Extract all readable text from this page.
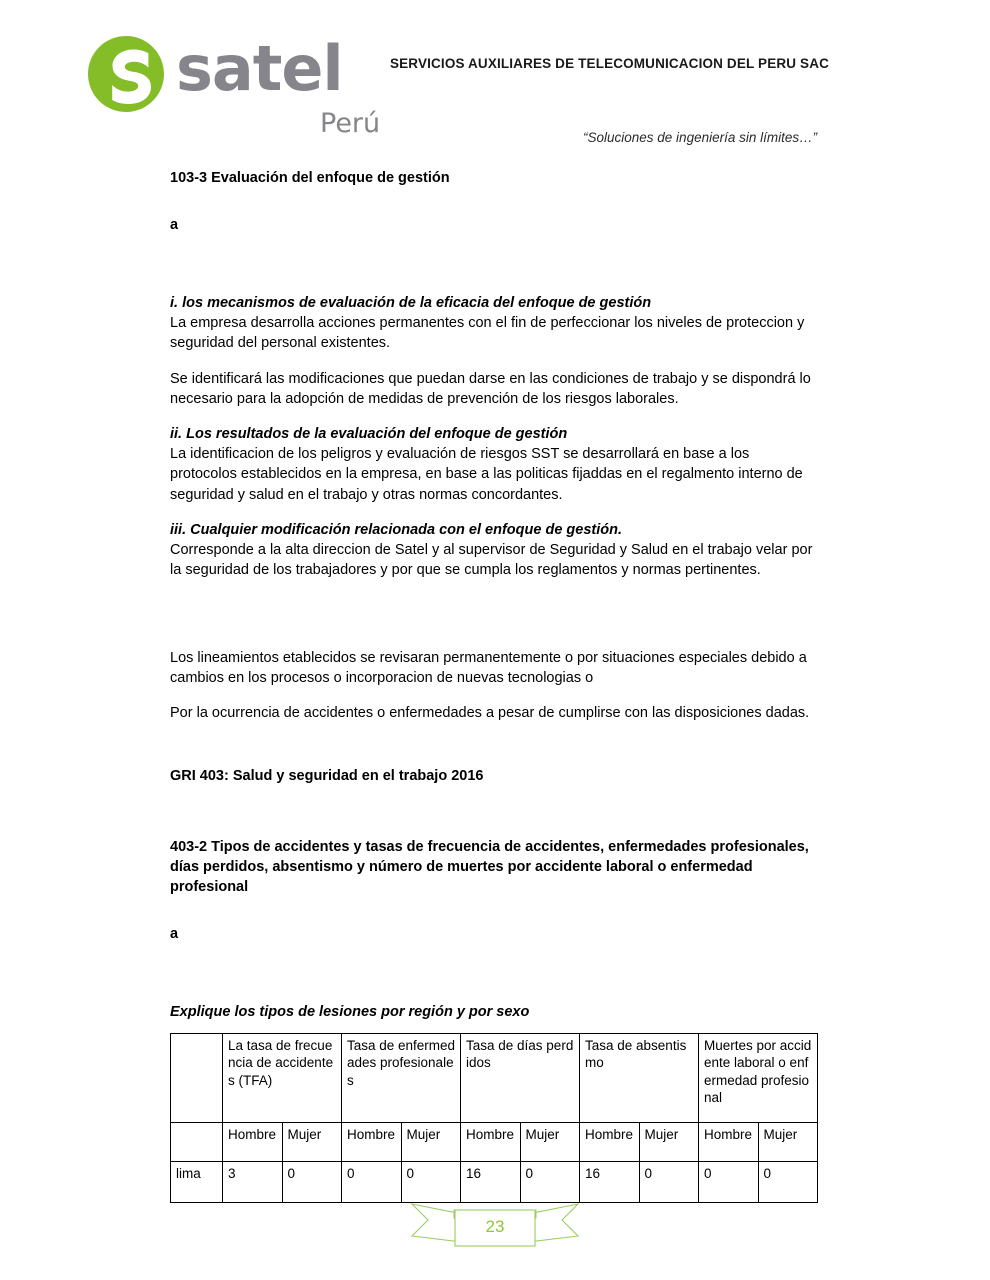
satel
Perú
SERVICIOS AUXILIARES DE TELECOMUNICACION DEL PERU SAC
“Soluciones de ingeniería sin límites…”

103-3 Evaluación del enfoque de gestión

a

i. los mecanismos de evaluación de la eficacia del enfoque de gestión

La empresa desarrolla acciones permanentes con el fin de perfeccionar los niveles de proteccion y seguridad del personal existentes.

Se identificará las modificaciones que puedan darse en las condiciones de trabajo y se dispondrá lo necesario para la adopción de medidas de prevención de los riesgos laborales.

ii. Los resultados de la evaluación del enfoque de gestión

La identificacion de los peligros y evaluación de riesgos SST se desarrollará en base a los protocolos establecidos en la empresa, en base a las politicas fijaddas en el regalmento interno de seguridad y salud en el trabajo y otras normas concordantes.

iii. Cualquier modificación relacionada con el enfoque de gestión.

Corresponde a la alta direccion de Satel y al supervisor de Seguridad y Salud en el trabajo velar por la seguridad de los trabajadores y por que se cumpla los reglamentos y normas pertinentes.

Los lineamientos etablecidos se revisaran permanentemente o por situaciones especiales debido a cambios en los procesos o incorporacion de nuevas tecnologias o

Por la ocurrencia de accidentes o enfermedades a pesar de cumplirse con las disposiciones dadas.

GRI 403: Salud y seguridad en el trabajo 2016

403-2 Tipos de accidentes y tasas de frecuencia de accidentes, enfermedades profesionales, días perdidos, absentismo y número de muertes por accidente laboral o enfermedad profesional

a

Explique los tipos de lesiones por región y por sexo

	La tasa de frecuencia de accidentes (TFA)		Tasa de enfermedades profesionales		Tasa de días perdidos		Tasa de absentismo		Muertes por accidente laboral o enfermedad profesional	
	Hombre	Mujer	Hombre	Mujer	Hombre	Mujer	Hombre	Mujer	Hombre	Mujer
lima	3	0	0	0	16	0	16	0	0	0
23
